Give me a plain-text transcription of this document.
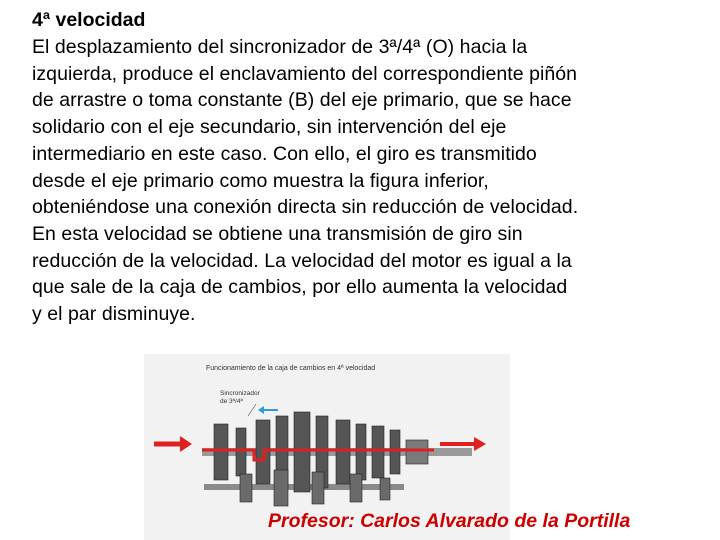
4ª velocidad
El desplazamiento del sincronizador de 3ª/4ª (O) hacia la
izquierda, produce el enclavamiento del correspondiente piñón
de arrastre o toma constante (B) del eje primario, que se hace
solidario con el eje secundario, sin intervención del eje
intermediario en este caso. Con ello, el giro es transmitido
desde el eje primario como muestra la figura inferior,
obteniéndose una conexión directa sin reducción de velocidad.
En esta velocidad se obtiene una transmisión de giro sin
reducción de la velocidad. La velocidad del motor es igual a la
que sale de la caja de cambios, por ello aumenta la velocidad
y el par disminuye.
Funcionamiento de la caja de cambios en 4ª velocidad
Sincronizador
de 3ª/4ª
Profesor: Carlos Alvarado de la Portilla
